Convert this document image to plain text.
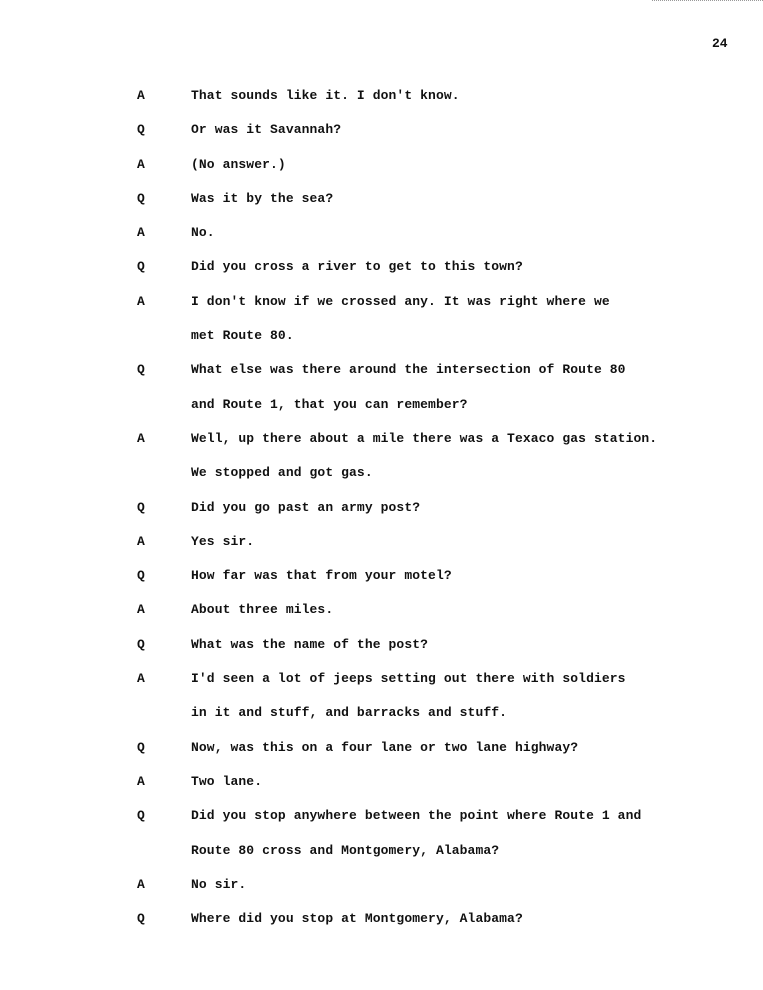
24
A	That sounds like it. I don't know.
Q	Or was it Savannah?
A	(No answer.)
Q	Was it by the sea?
A	No.
Q	Did you cross a river to get to this town?
A	I don't know if we crossed any. It was right where we
met Route 80.
Q	What else was there around the intersection of Route 80
and Route 1, that you can remember?
A	Well, up there about a mile there was a Texaco gas station.
We stopped and got gas.
Q	Did you go past an army post?
A	Yes sir.
Q	How far was that from your motel?
A	About three miles.
Q	What was the name of the post?
A	I'd seen a lot of jeeps setting out there with soldiers
in it and stuff, and barracks and stuff.
Q	Now, was this on a four lane or two lane highway?
A	Two lane.
Q	Did you stop anywhere between the point where Route 1 and
Route 80 cross and Montgomery, Alabama?
A	No sir.
Q	Where did you stop at Montgomery, Alabama?
